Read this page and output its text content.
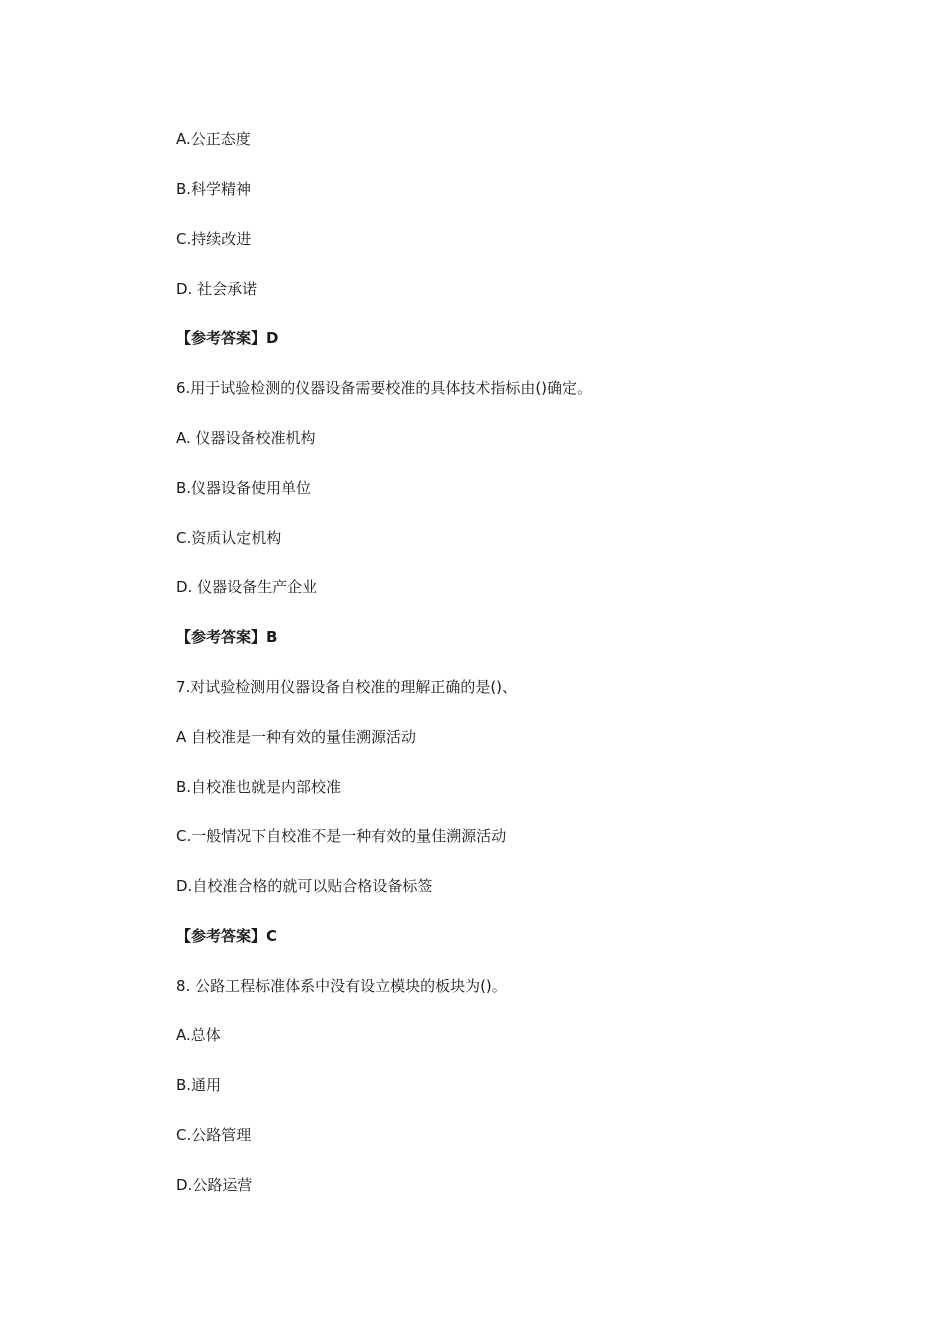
A.公正态度
B.科学精神
C.持续改进
D. 社会承诺
【参考答案】D
6.用于试验检测的仪器设备需要校准的具体技术指标由()确定。
A. 仪器设备校准机构
B.仪器设备使用单位
C.资质认定机构
D. 仪器设备生产企业
【参考答案】B
7.对试验检测用仪器设备自校准的理解正确的是()、
A 自校准是一种有效的量佳溯源活动
B.自校准也就是内部校准
C.一般情况下自校准不是一种有效的量佳溯源活动
D.自校准合格的就可以贴合格设备标签
【参考答案】C
8. 公路工程标准体系中没有设立模块的板块为()。
A.总体
B.通用
C.公路管理
D.公路运营
